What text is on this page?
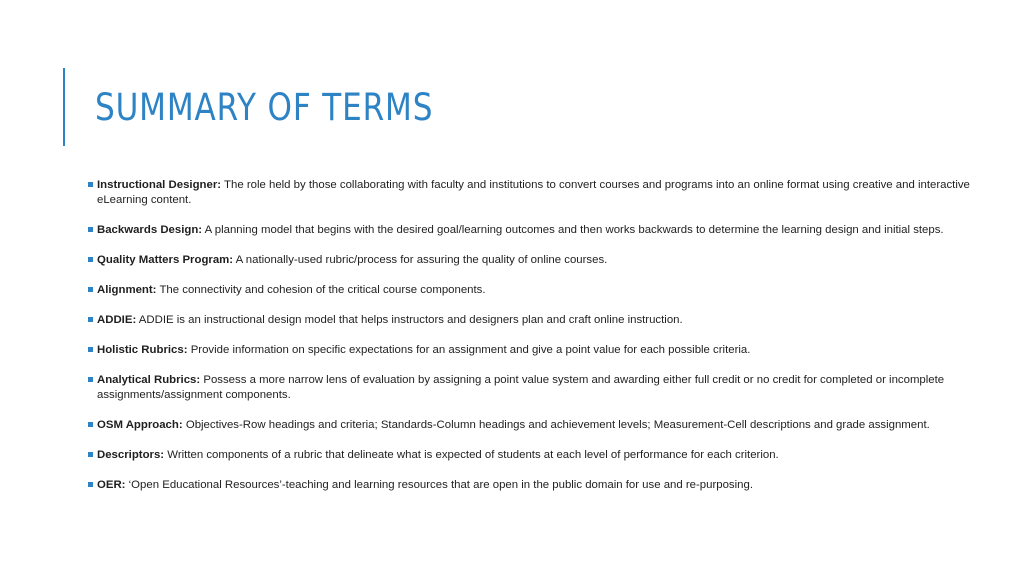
SUMMARY OF TERMS
Instructional Designer: The role held by those collaborating with faculty and institutions to convert courses and programs into an online format using creative and interactive eLearning content.
Backwards Design: A planning model that begins with the desired goal/learning outcomes and then works backwards to determine the learning design and initial steps.
Quality Matters Program: A nationally-used rubric/process for assuring the quality of online courses.
Alignment: The connectivity and cohesion of the critical course components.
ADDIE: ADDIE is an instructional design model that helps instructors and designers plan and craft online instruction.
Holistic Rubrics: Provide information on specific expectations for an assignment and give a point value for each possible criteria.
Analytical Rubrics: Possess a more narrow lens of evaluation by assigning a point value system and awarding either full credit or no credit for completed or incomplete assignments/assignment components.
OSM Approach: Objectives-Row headings and criteria; Standards-Column headings and achievement levels; Measurement-Cell descriptions and grade assignment.
Descriptors: Written components of a rubric that delineate what is expected of students at each level of performance for each criterion.
OER: ‘Open Educational Resources’-teaching and learning resources that are open in the public domain for use and re-purposing.
